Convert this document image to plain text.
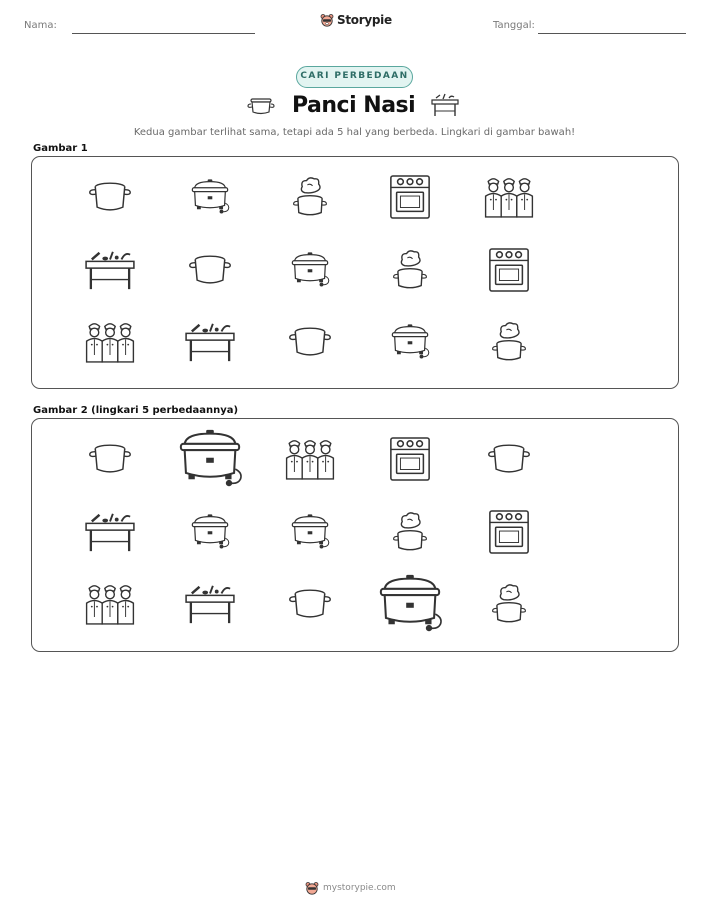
Nama:	Storypie	Tanggal:
CARI PERBEDAAN
Panci Nasi
Kedua gambar terlihat sama, tetapi ada 5 hal yang berbeda. Lingkari di gambar bawah!
Gambar 1
Gambar 2 (lingkari 5 perbedaannya)
mystorypie.com
